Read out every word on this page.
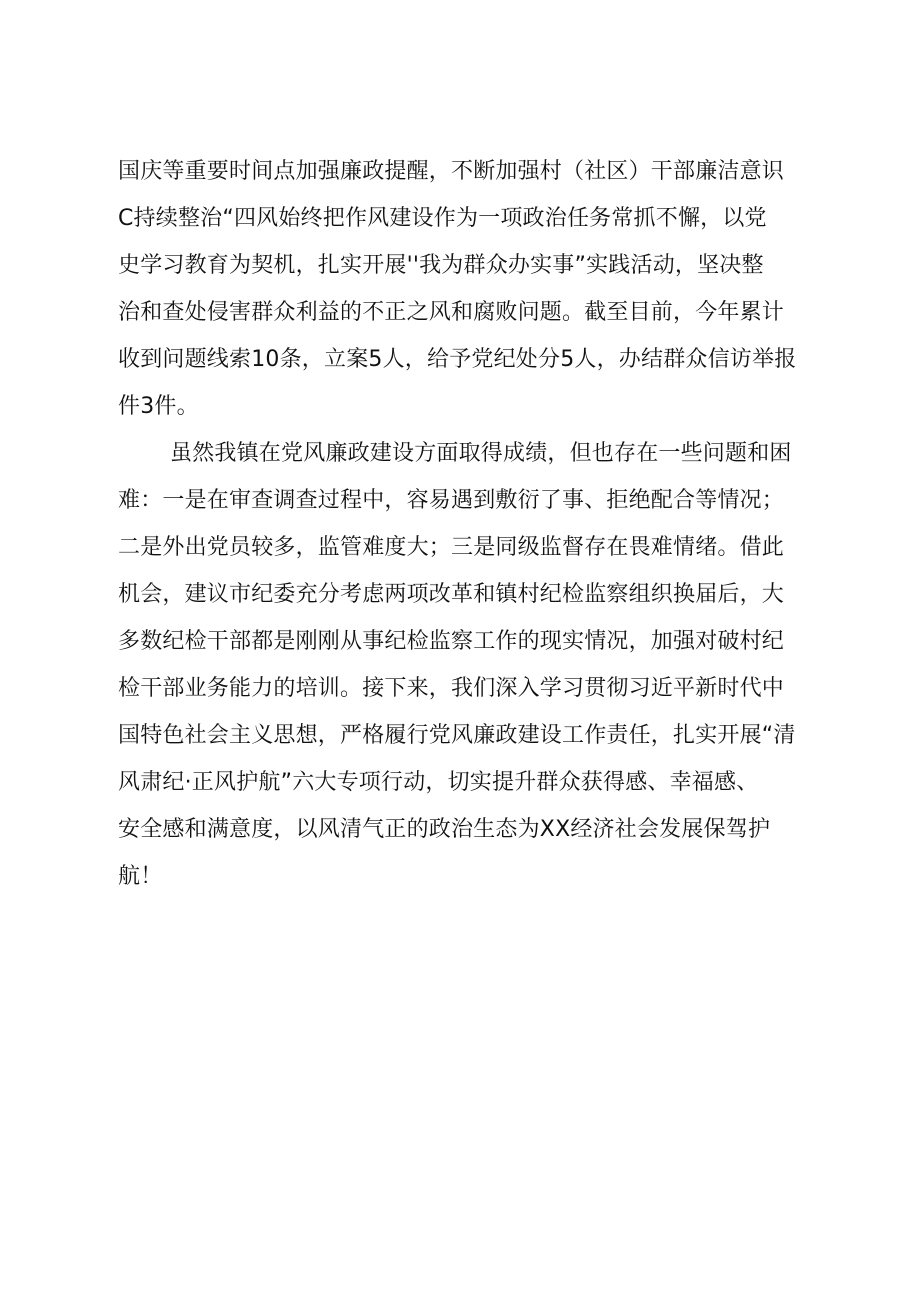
国庆等重要时间点加强廉政提醒，不断加强村（社区）干部廉洁意识
C持续整治“四风始终把作风建设作为一项政治任务常抓不懈，以党
史学习教育为契机，扎实开展''我为群众办实事”实践活动，坚决整
治和查处侵害群众利益的不正之风和腐败问题。截至目前，今年累计
收到问题线索10条，立案5人，给予党纪处分5人，办结群众信访举报
件3件。
虽然我镇在党风廉政建设方面取得成绩，但也存在一些问题和困
难：一是在审查调查过程中，容易遇到敷衍了事、拒绝配合等情况；
二是外出党员较多，监管难度大；三是同级监督存在畏难情绪。借此
机会，建议市纪委充分考虑两项改革和镇村纪检监察组织换届后，大
多数纪检干部都是刚刚从事纪检监察工作的现实情况，加强对破村纪
检干部业务能力的培训。接下来，我们深入学习贯彻习近平新时代中
国特色社会主义思想，严格履行党风廉政建设工作责任，扎实开展“清
风肃纪·正风护航”六大专项行动，切实提升群众获得感、幸福感、
安全感和满意度，以风清气正的政治生态为XX经济社会发展保驾护
航！
